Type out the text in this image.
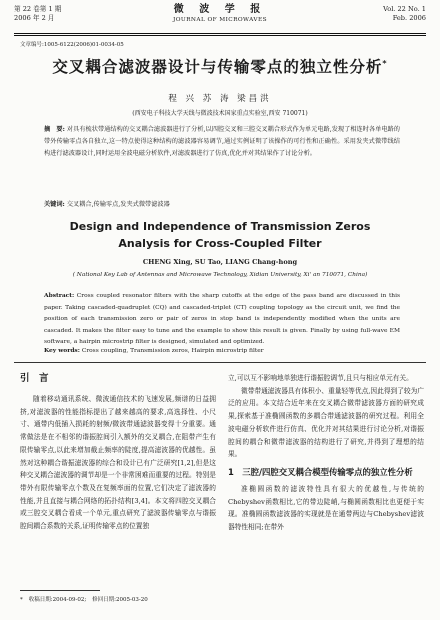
第 22 卷第 1 期
2006 年 2 月
微 波 学 报
JOURNAL OF MICROWAVES
Vol. 22 No. 1
Feb. 2006
文章编号:1005-6122(2006)01-0034-05
交叉耦合滤波器设计与传输零点的独立性分析*
程 兴 苏 涛 梁昌洪
(西安电子科技大学天线与微波技术国家重点实验室,西安 710071)
摘　要: 对具有梳状带通结构的交叉耦合滤波器进行了分析,以四腔交叉和三腔交叉耦合形式作为单元电路,发现了相连时各单电路的带外传输零点各自独立,这一特点使得这种结构的滤波器容易调节,通过实例证明了该操作的可行性和正确性。采用发夹式微带线结构进行滤波器设计,同时运用全波电磁分析软件,对滤波器进行了仿真,优化并对其结果作了讨论分析。
关键词: 交叉耦合,传输零点,发夹式微带滤波器
Design and Independence of Transmission Zeros
Analysis for Cross-Coupled Filter
CHENG Xing, SU Tao, LIANG Chang-hong
( National Key Lab of Antennas and Microwave Technology, Xidian University, Xi' an 710071, China)
Abstract: Cross coupled resonator filters with the sharp cutoffs at the edge of the pass band are discussed in this paper. Taking cascaded-quadruplet (CQ) and cascaded-triplet (CT) coupling topology as the circuit unit, we find the position of each transmission zero or pair of zeros in stop band is independently modified when the units are cascaded. It makes the filter easy to tune and the example to show this result is given. Finally by using full-wave EM software, a hairpin microstrip filter is designed, simulated and optimized.
Key words: Cross coupling, Transmission zeros, Hairpin microstrip filter
引　言

随着移动通讯系统、微波通信技术的飞速发展,频谱的日益拥挤,对滤波器的性能指标提出了越来越高的要求,高选择性、小尺寸、通带内低插入损耗的射频/微波带通滤波器变得十分重要。通常做法是在不相邻的谐振腔间引入额外的交叉耦合,在阻带产生有限传输零点,以此来增加截止频率的陡度,提高滤波器的优越性。虽然对这种耦合谐振滤波器的综合和设计已有广泛研究[1,2],但是这种交叉耦合滤波器的调节却是一个非常困难而重要的过程。特别是带外有限传输零点个数及在复频率面的位置,它们决定了滤波器的性能,并且直接与耦合网络的拓扑结构[3,4]。本文将四腔交叉耦合或三腔交叉耦合看成一个单元,重点研究了滤波器传输零点与谐振腔间耦合系数的关系,证明传输零点的位置独

立,可以互不影响地单独进行谐振腔调节,且只与相应单元有关。

微带带通滤波器具有体积小、重量轻等优点,因此得到了较为广泛的应用。本文结合近年来在交叉耦合微带滤波器方面的研究成果,探索基于准椭圆函数的多耦合带通滤波器的研究过程。利用全波电磁分析软件进行仿真、优化并对其结果进行讨论分析,对谐振腔间的耦合和微带滤波器的结构进行了研究,并得到了理想的结果。

1　三腔/四腔交叉耦合模型传输零点的独立性分析

准椭圆函数的滤波特性具有很大的优越性,与传统的Chebyshev函数相比,它的带边陡峭,与椭圆函数相比也更便于实现。准椭圆函数滤波器的实现就是在通带两边与Chebyshev滤波器特性相同;在带外

* 收稿日期:2004-09-02; 修回日期:2005-03-20
